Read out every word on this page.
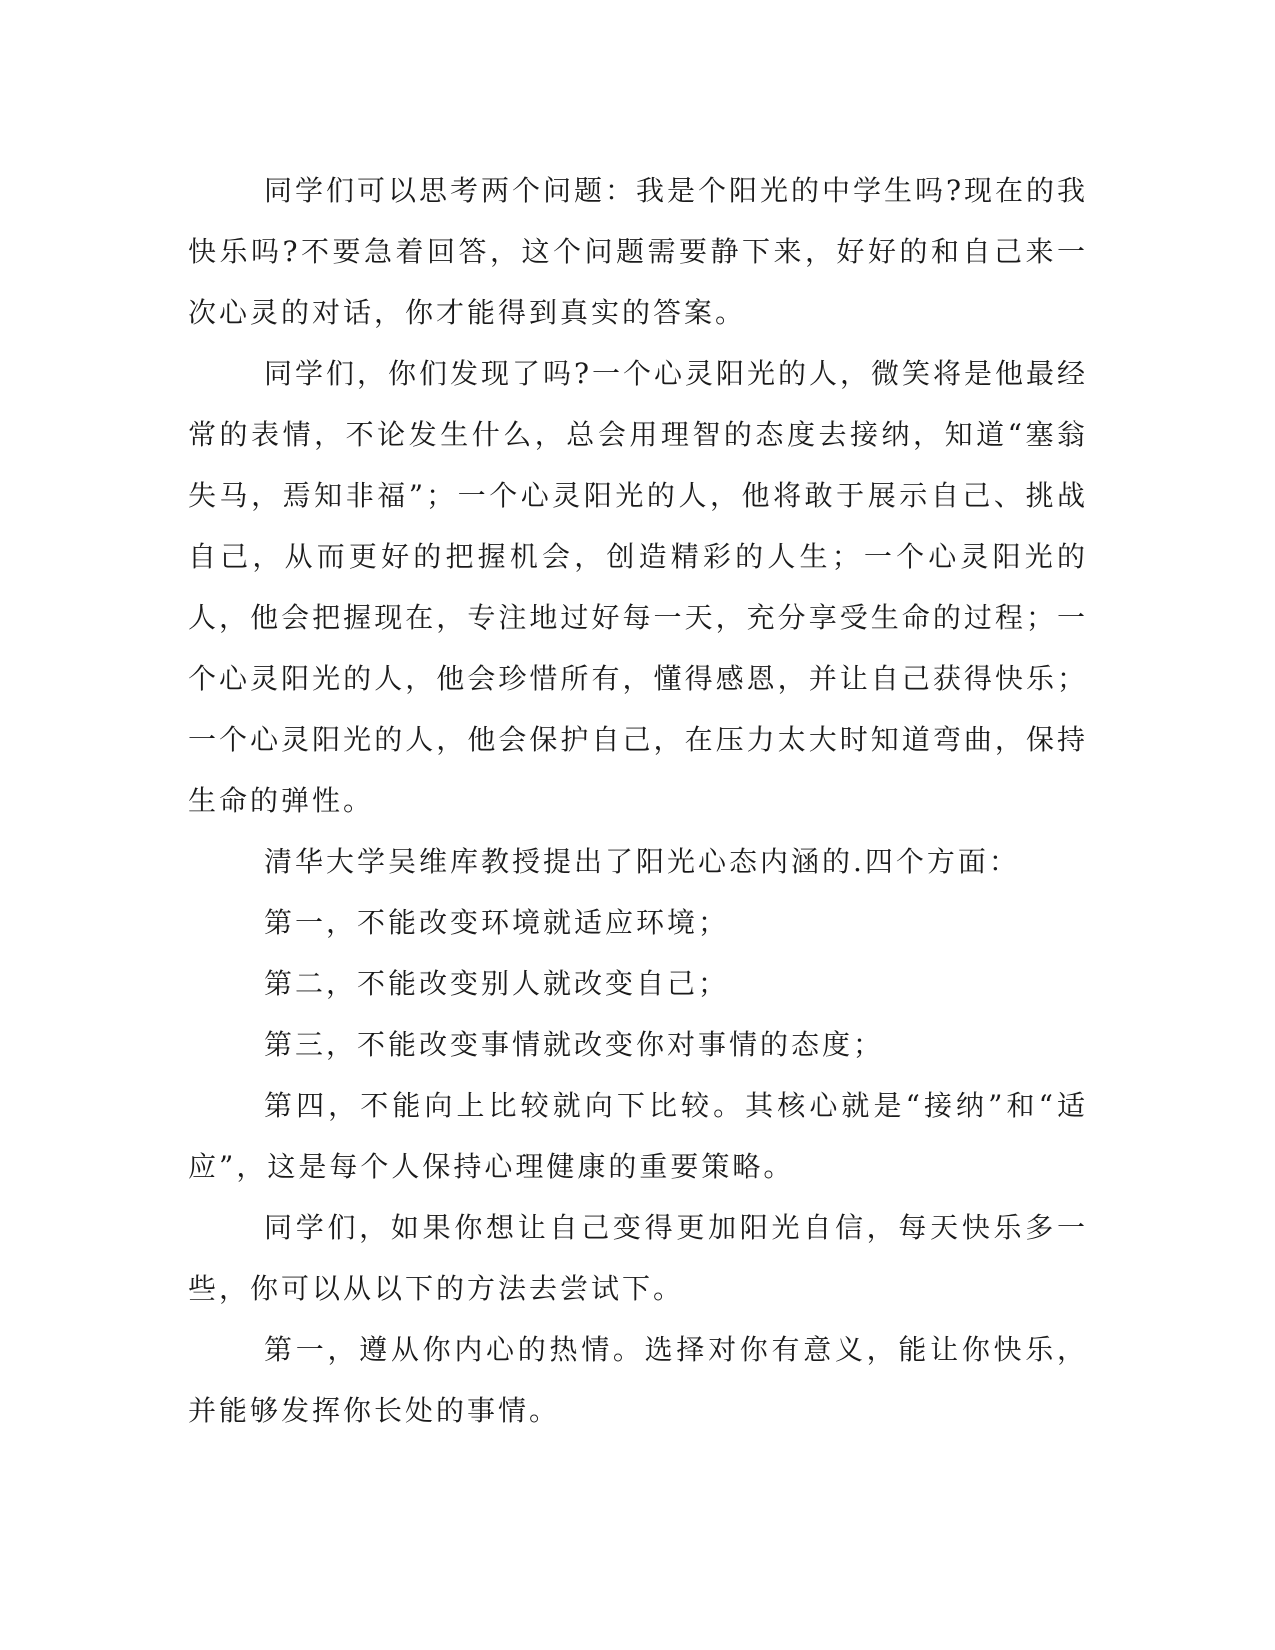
同学们可以思考两个问题：我是个阳光的中学生吗?现在的我快乐吗?不要急着回答，这个问题需要静下来，好好的和自己来一次心灵的对话，你才能得到真实的答案。

同学们，你们发现了吗?一个心灵阳光的人，微笑将是他最经常的表情，不论发生什么，总会用理智的态度去接纳，知道“塞翁失马，焉知非福”；一个心灵阳光的人，他将敢于展示自己、挑战自己，从而更好的把握机会，创造精彩的人生；一个心灵阳光的人，他会把握现在，专注地过好每一天，充分享受生命的过程；一个心灵阳光的人，他会珍惜所有，懂得感恩，并让自己获得快乐；一个心灵阳光的人，他会保护自己，在压力太大时知道弯曲，保持生命的弹性。

清华大学吴维库教授提出了阳光心态内涵的.四个方面：

第一，不能改变环境就适应环境；

第二，不能改变别人就改变自己；

第三，不能改变事情就改变你对事情的态度；

第四，不能向上比较就向下比较。其核心就是“接纳”和“适应”，这是每个人保持心理健康的重要策略。

同学们，如果你想让自己变得更加阳光自信，每天快乐多一些，你可以从以下的方法去尝试下。

第一，遵从你内心的热情。选择对你有意义，能让你快乐，并能够发挥你长处的事情。
